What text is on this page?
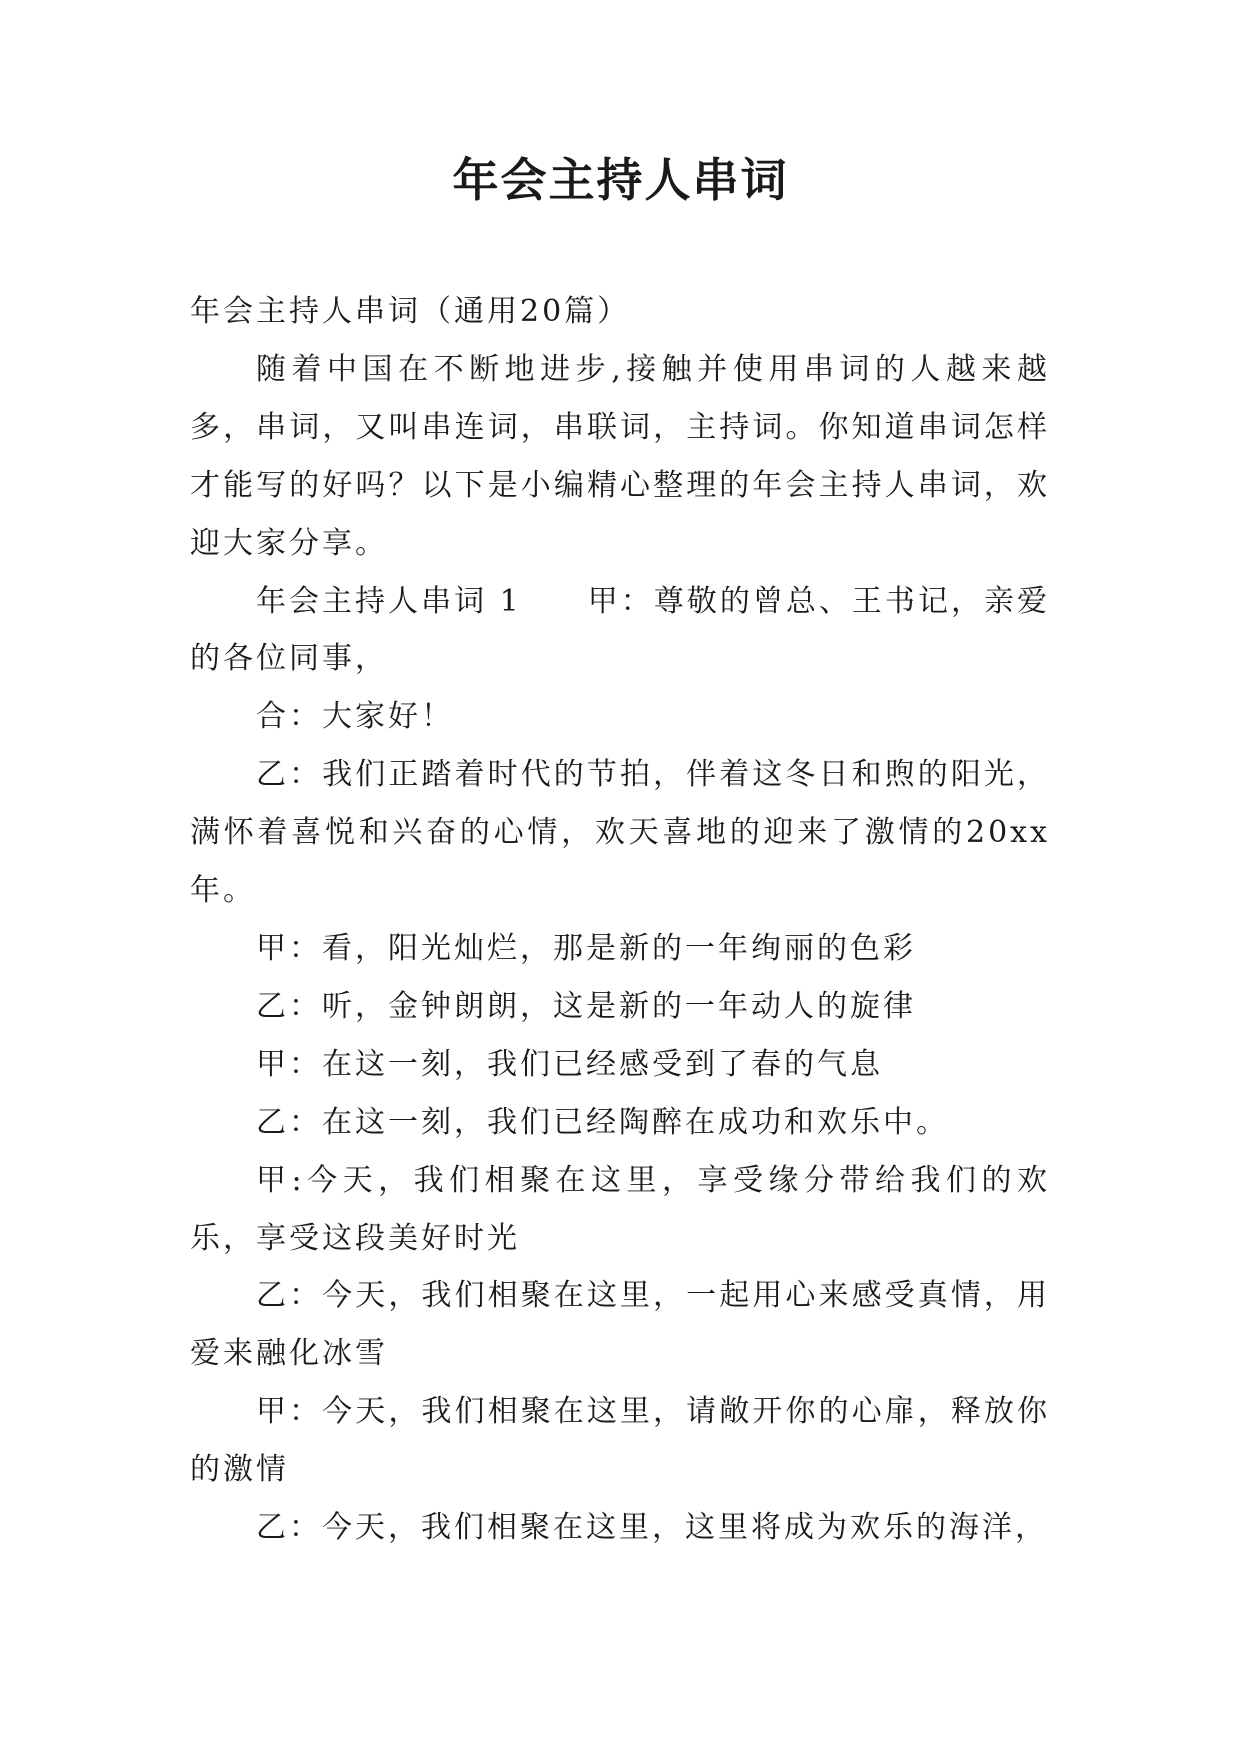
年会主持人串词

年会主持人串词（通用20篇）

随着中国在不断地进步,接触并使用串词的人越来越多，串词，又叫串连词，串联词，主持词。你知道串词怎样才能写的好吗？以下是小编精心整理的年会主持人串词，欢迎大家分享。

年会主持人串词 1　　甲：尊敬的曾总、王书记，亲爱的各位同事，

合：大家好！

乙：我们正踏着时代的节拍，伴着这冬日和煦的阳光，满怀着喜悦和兴奋的心情，欢天喜地的迎来了激情的20xx年。

甲：看，阳光灿烂，那是新的一年绚丽的色彩

乙：听，金钟朗朗，这是新的一年动人的旋律

甲：在这一刻，我们已经感受到了春的气息

乙：在这一刻，我们已经陶醉在成功和欢乐中。

甲:今天，我们相聚在这里，享受缘分带给我们的欢乐，享受这段美好时光

乙：今天，我们相聚在这里，一起用心来感受真情，用爱来融化冰雪

甲：今天，我们相聚在这里，请敞开你的心扉，释放你的激情

乙：今天，我们相聚在这里，这里将成为欢乐的海洋，
